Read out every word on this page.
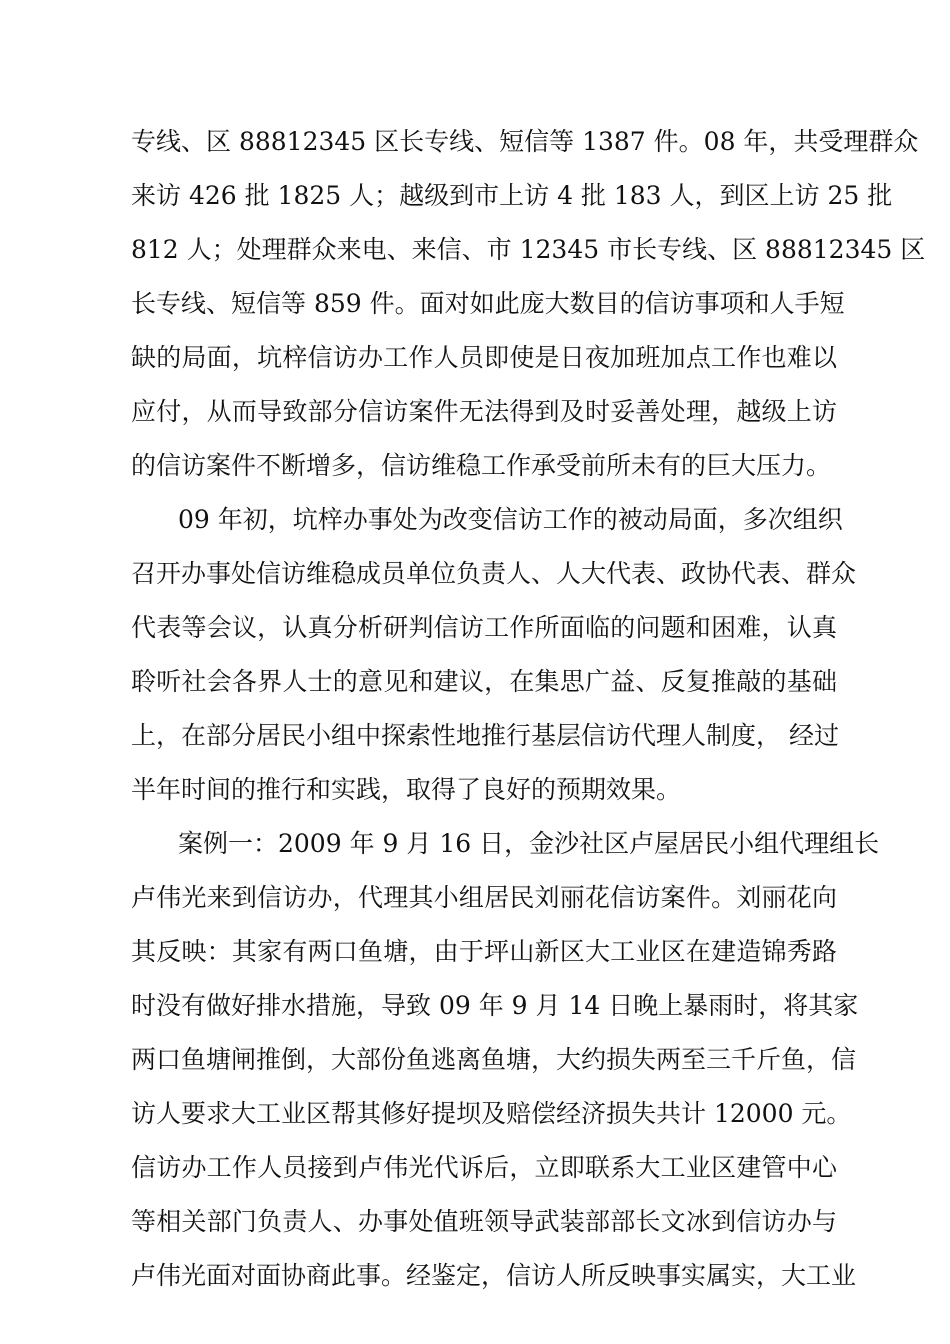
专线、区 88812345 区长专线、短信等 1387 件。08 年，共受理群众
来访 426 批 1825 人；越级到市上访 4 批 183 人，到区上访 25 批
812 人；处理群众来电、来信、市 12345 市长专线、区 88812345 区
长专线、短信等 859 件。面对如此庞大数目的信访事项和人手短
缺的局面，坑梓信访办工作人员即使是日夜加班加点工作也难以
应付，从而导致部分信访案件无法得到及时妥善处理，越级上访
的信访案件不断增多，信访维稳工作承受前所未有的巨大压力。
09 年初，坑梓办事处为改变信访工作的被动局面，多次组织
召开办事处信访维稳成员单位负责人、人大代表、政协代表、群众
代表等会议，认真分析研判信访工作所面临的问题和困难，认真
聆听社会各界人士的意见和建议，在集思广益、反复推敲的基础
上，在部分居民小组中探索性地推行基层信访代理人制度， 经过
半年时间的推行和实践，取得了良好的预期效果。
案例一：2009 年 9 月 16 日，金沙社区卢屋居民小组代理组长
卢伟光来到信访办，代理其小组居民刘丽花信访案件。刘丽花向
其反映：其家有两口鱼塘，由于坪山新区大工业区在建造锦秀路
时没有做好排水措施，导致 09 年 9 月 14 日晚上暴雨时，将其家
两口鱼塘闸推倒，大部份鱼逃离鱼塘，大约损失两至三千斤鱼，信
访人要求大工业区帮其修好提坝及赔偿经济损失共计 12000 元。
信访办工作人员接到卢伟光代诉后，立即联系大工业区建管中心
等相关部门负责人、办事处值班领导武装部部长文冰到信访办与
卢伟光面对面协商此事。经鉴定，信访人所反映事实属实，大工业
